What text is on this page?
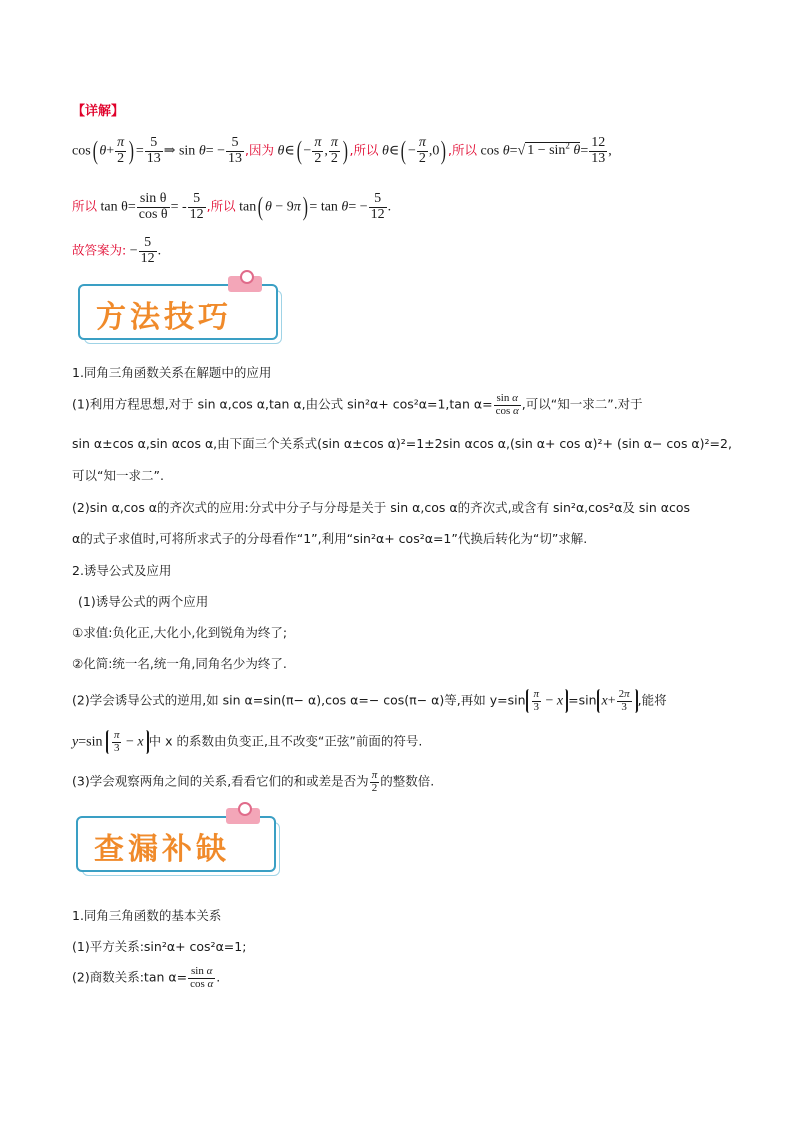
【详解】
cos( $\theta+ \frac{\pi}{2}$ ) = $\frac{5}{13}$ ⇒ $\sin \theta= - \frac{5}{13}$ ,因为 θ∈( − $\frac{\pi}{2}$ , $\frac{\pi}{2}$ ) ,所以 θ∈( − $\frac{\pi}{2} ,0$) ,所以 cos θ=√ $1 - \sin^2 \theta= \frac{12}{13}$ ,
所以 $\tan \theta= \frac{\text{sin θ}}{\text{cos θ}}$ = - $\frac{5}{12}$ ,所以 tan( $\theta - 9\pi) = \tan \theta= - \frac{5}{12}$ .
故答案为: − $\frac{5}{12}$ .
方法技巧
1.同角三角函数关系在解题中的应用
(1)利用方程思想,对于 sin α,cos α,tan α,由公式 sin²α+ cos²α=1,tan $\alpha= \frac{\text{sin α}}{\text{cos α}}$ ,可以“知一求二”.对于
sin α±cos α,sin αcos α,由下面三个关系式(sin α±cos α)²=1±2sin αcos α,(sin α+ cos α)²+ (sin α− cos α)²=2,
可以“知一求二”.
(2)sin α,cos α的齐次式的应用:分式中分子与分母是关于 sin α,cos α的齐次式,或含有 sin²α,cos²α及 sin αcos
α的式子求值时,可将所求式子的分母看作“1”,利用“sin²α+ cos²α=1”代换后转化为“切”求解.
2.诱导公式及应用
(1)诱导公式的两个应用
①求值:负化正,大化小,化到锐角为终了;
②化简:统一名,统一角,同角名少为终了.
(2)学会诱导公式的逆用,如 sin α=sin(π− α),cos α=− cos(π− α)等,再如 $y=\sin \frac{\pi}{3} - x =\sin$ $x+ \frac{2\pi}{3}$ ,能将
$y=\sin \frac{\pi}{3} - x$ 中 x 的系数由负变正,且不改变“正弦”前面的符号.
(3)学会观察两角之间的关系,看看它们的和或差是否为 $\frac{\pi}{2}$ 的整数倍.
查漏补缺
1.同角三角函数的基本关系
(1)平方关系:sin²α+ cos²α=1;
(2)商数关系:tan $\alpha= \frac{\text{sin α}}{\text{cos α}}$ .
